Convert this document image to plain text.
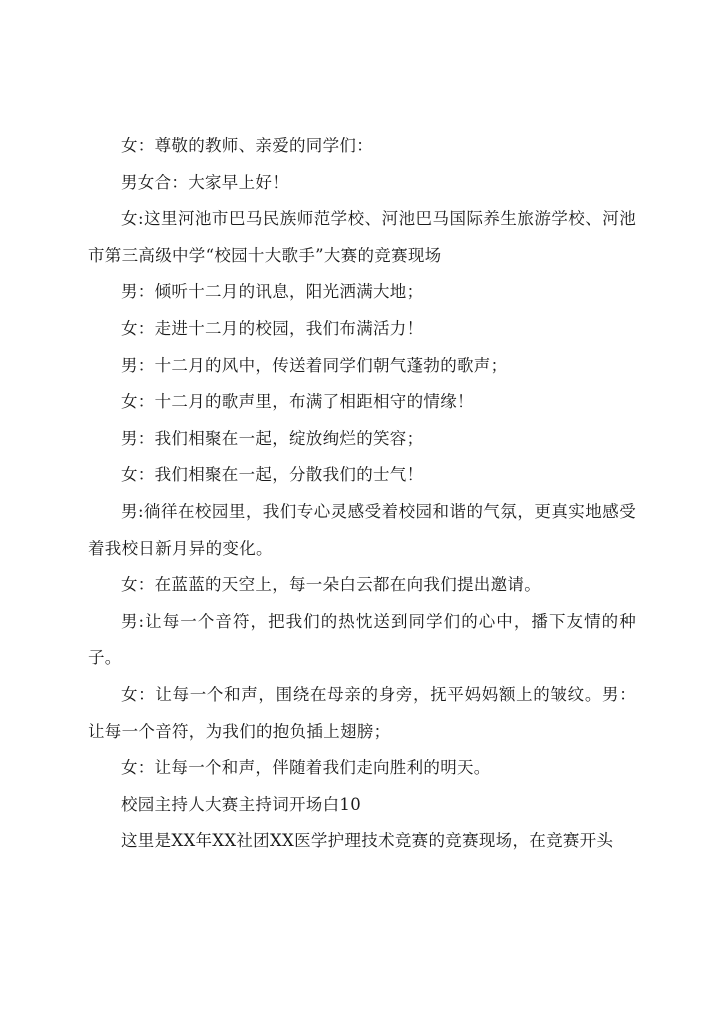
女：尊敬的教师、亲爱的同学们：

男女合：大家早上好！

女:这里河池市巴马民族师范学校、河池巴马国际养生旅游学校、河池市第三高级中学“校园十大歌手”大赛的竞赛现场

男：倾听十二月的讯息，阳光洒满大地；

女：走进十二月的校园，我们布满活力！

男：十二月的风中，传送着同学们朝气蓬勃的歌声；

女：十二月的歌声里，布满了相距相守的情缘！

男：我们相聚在一起，绽放绚烂的笑容；

女：我们相聚在一起，分散我们的士气！

男:徜徉在校园里，我们专心灵感受着校园和谐的气氛，更真实地感受着我校日新月异的变化。

女：在蓝蓝的天空上，每一朵白云都在向我们提出邀请。

男:让每一个音符，把我们的热忱送到同学们的心中，播下友情的种子。

女：让每一个和声，围绕在母亲的身旁，抚平妈妈额上的皱纹。男：让每一个音符，为我们的抱负插上翅膀；

女：让每一个和声，伴随着我们走向胜利的明天。

校园主持人大赛主持词开场白10

这里是XX年XX社团XX医学护理技术竞赛的竞赛现场，在竞赛开头
